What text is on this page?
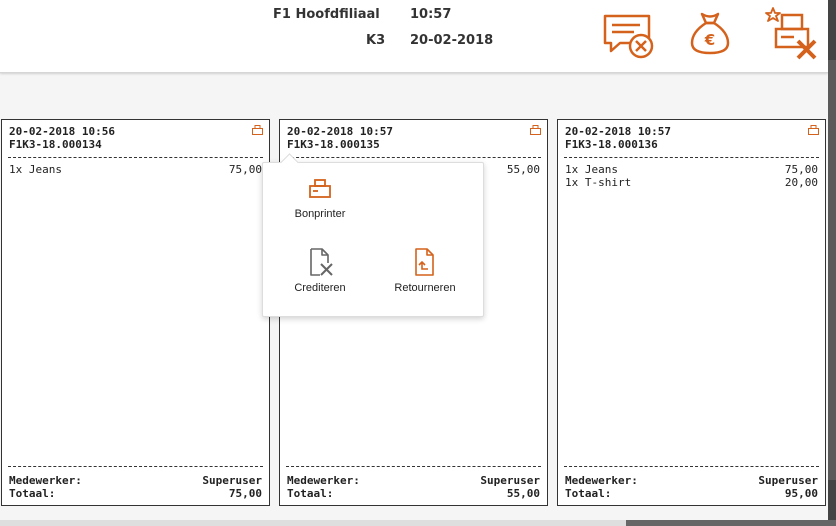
F1 Hoofdfiliaal 10:57
K3 20-02-2018	€
20-02-2018 10:56
F1K3-18.000134
1x Jeans	75,00
Medewerker:	Superuser
Totaal:	75,00
20-02-2018 10:57
F1K3-18.000135
55,00
Medewerker:	Superuser
Totaal:	55,00
20-02-2018 10:57
F1K3-18.000136
1x Jeans	75,00
1x T-shirt	20,00
Medewerker:	Superuser
Totaal:	95,00
Bonprinter
Crediteren	Retourneren
